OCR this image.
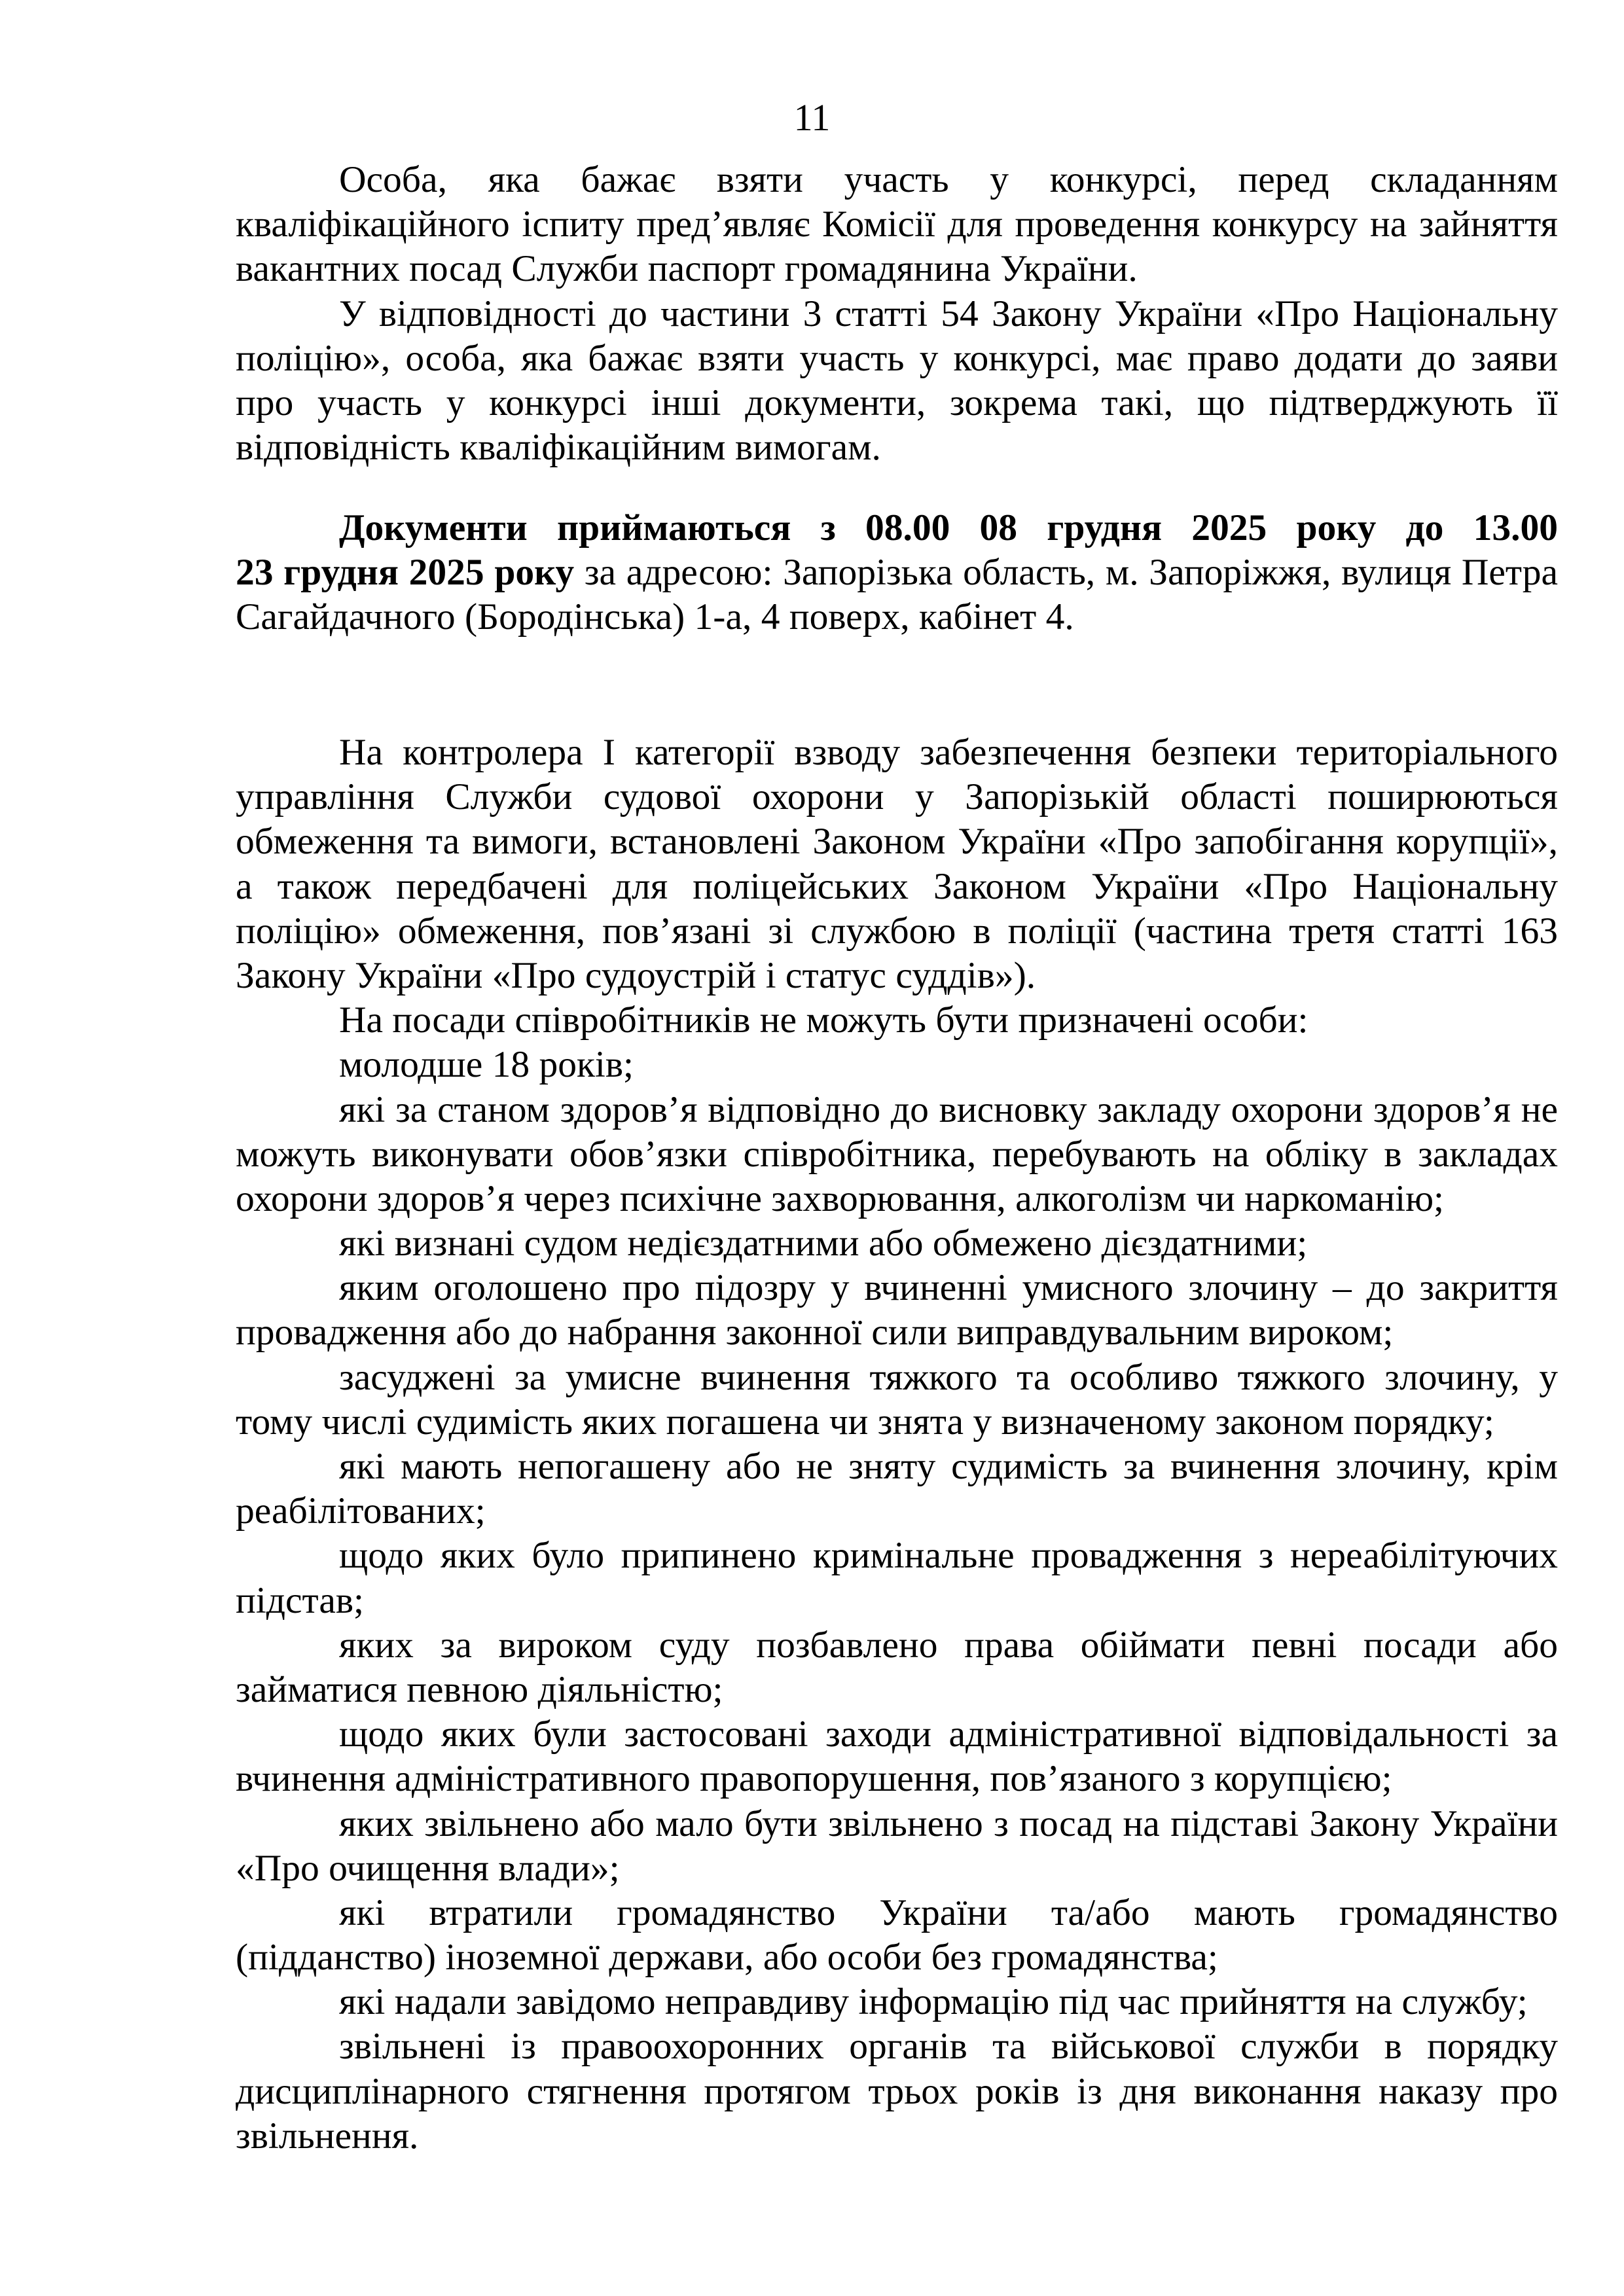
11
Особа, яка бажає взяти участь у конкурсі, перед складанням
кваліфікаційного іспиту пред’являє Комісії для проведення конкурсу на зайняття
вакантних посад Служби паспорт громадянина України.
У відповідності до частини 3 статті 54 Закону України «Про Національну
поліцію», особа, яка бажає взяти участь у конкурсі, має право додати до заяви
про участь у конкурсі інші документи, зокрема такі, що підтверджують її
відповідність кваліфікаційним вимогам.
Документи приймаються з 08.00 08 грудня 2025 року до 13.00
23 грудня 2025 року за адресою: Запорізька область, м. Запоріжжя, вулиця Петра
Сагайдачного (Бородінська) 1-а, 4 поверх, кабінет 4.
На контролера І категорії взводу забезпечення безпеки територіального
управління Служби судової охорони у Запорізькій області поширюються
обмеження та вимоги, встановлені Законом України «Про запобігання корупції»,
а також передбачені для поліцейських Законом України «Про Національну
поліцію» обмеження, пов’язані зі службою в поліції (частина третя статті 163
Закону України «Про судоустрій і статус суддів»).
На посади співробітників не можуть бути призначені особи:
молодше 18 років;
які за станом здоров’я відповідно до висновку закладу охорони здоров’я не
можуть виконувати обов’язки співробітника, перебувають на обліку в закладах
охорони здоров’я через психічне захворювання, алкоголізм чи наркоманію;
які визнані судом недієздатними або обмежено дієздатними;
яким оголошено про підозру у вчиненні умисного злочину – до закриття
провадження або до набрання законної сили виправдувальним вироком;
засуджені за умисне вчинення тяжкого та особливо тяжкого злочину, у
тому числі судимість яких погашена чи знята у визначеному законом порядку;
які мають непогашену або не зняту судимість за вчинення злочину, крім
реабілітованих;
щодо яких було припинено кримінальне провадження з нереабілітуючих
підстав;
яких за вироком суду позбавлено права обіймати певні посади або
займатися певною діяльністю;
щодо яких були застосовані заходи адміністративної відповідальності за
вчинення адміністративного правопорушення, пов’язаного з корупцією;
яких звільнено або мало бути звільнено з посад на підставі Закону України
«Про очищення влади»;
які втратили громадянство України та/або мають громадянство
(підданство) іноземної держави, або особи без громадянства;
які надали завідомо неправдиву інформацію під час прийняття на службу;
звільнені із правоохоронних органів та військової служби в порядку
дисциплінарного стягнення протягом трьох років із дня виконання наказу про
звільнення.
